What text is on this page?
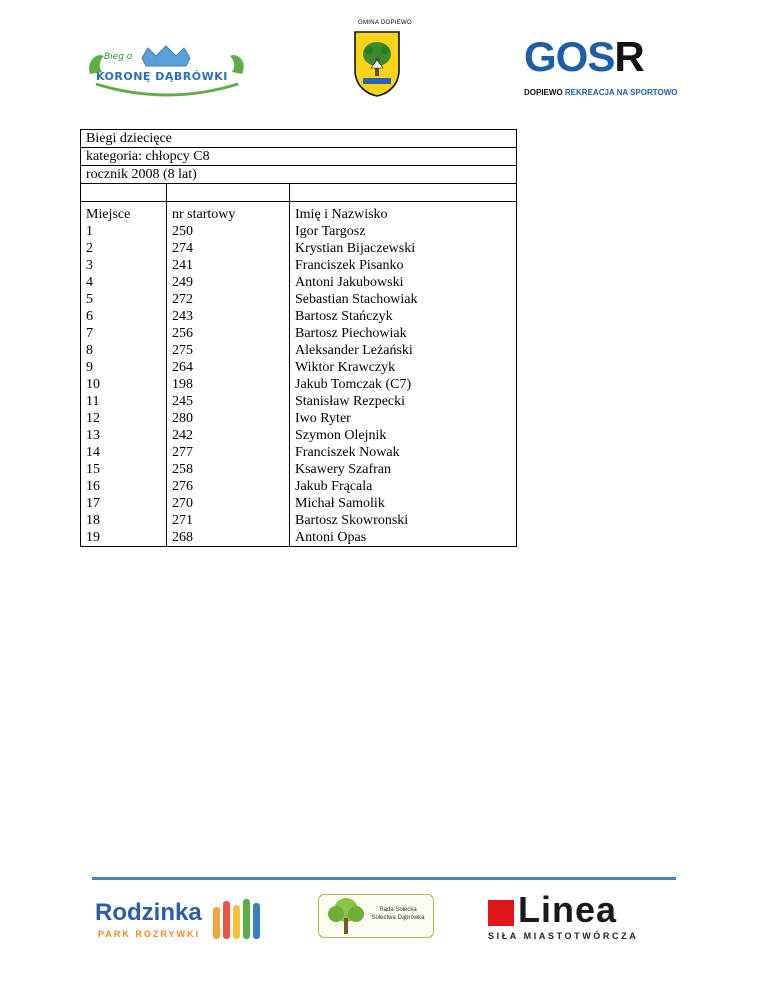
Bieg o
KORONĘ DĄBRÓWKI
GMINA DOPIEWO
GOSR
DOPIEWO REKREACJA NA SPORTOWO
Biegi dziecięce		
kategoria: chłopcy C8		
rocznik 2008 (8 lat)		

Miejsce	nr startowy	Imię i Nazwisko
1	250	Igor Targosz
2	274	Krystian Bijaczewski
3	241	Franciszek Pisanko
4	249	Antoni Jakubowski
5	272	Sebastian Stachowiak
6	243	Bartosz Stańczyk
7	256	Bartosz Piechowiak
8	275	Aleksander Leżański
9	264	Wiktor Krawczyk
10	198	Jakub Tomczak (C7)
11	245	Stanisław Rezpecki
12	280	Iwo Ryter
13	242	Szymon Olejnik
14	277	Franciszek Nowak
15	258	Ksawery Szafran
16	276	Jakub Frącala
17	270	Michał Samolik
18	271	Bartosz Skowronski
19	268	Antoni Opas
Rodzinka
PARK ROZRYWKI
Rada Sołecka
Sołectwa Dąbrówka	Linea
SIŁA MIASTOTWÓRCZA
